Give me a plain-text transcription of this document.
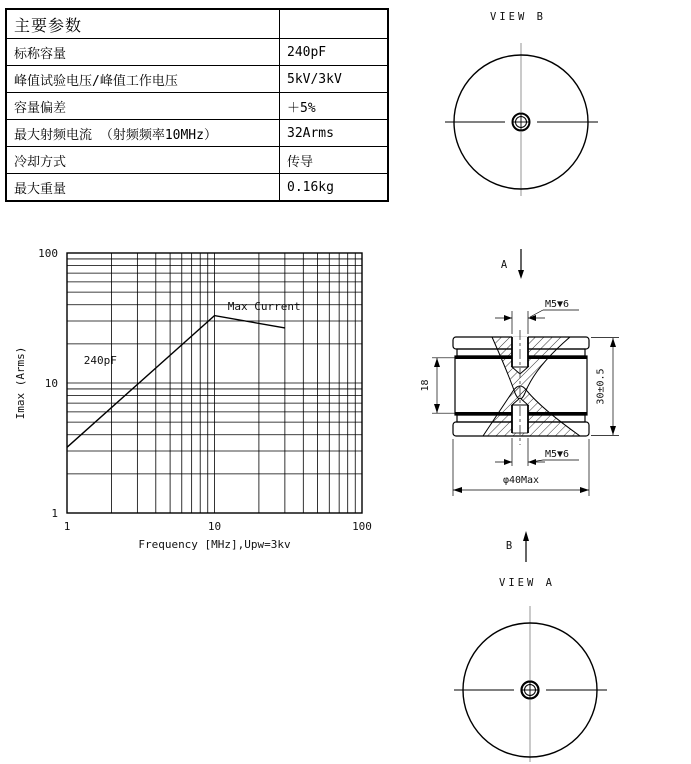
主要参数	
标称容量	240pF
峰值试验电压/峰值工作电压	5kV/3kV
容量偏差	＋5%
最大射频电流 （射频频率10MHz）	32Arms
冷却方式	传导
最大重量	0.16kg
1	10	100
1
10
100
Frequency [MHz],Upw=3kv
Imax (Arms)	240pF
Max Current
VIEW B
A
18	30±0.5
φ40Max
M5▼6
M5▼6
B
VIEW A
